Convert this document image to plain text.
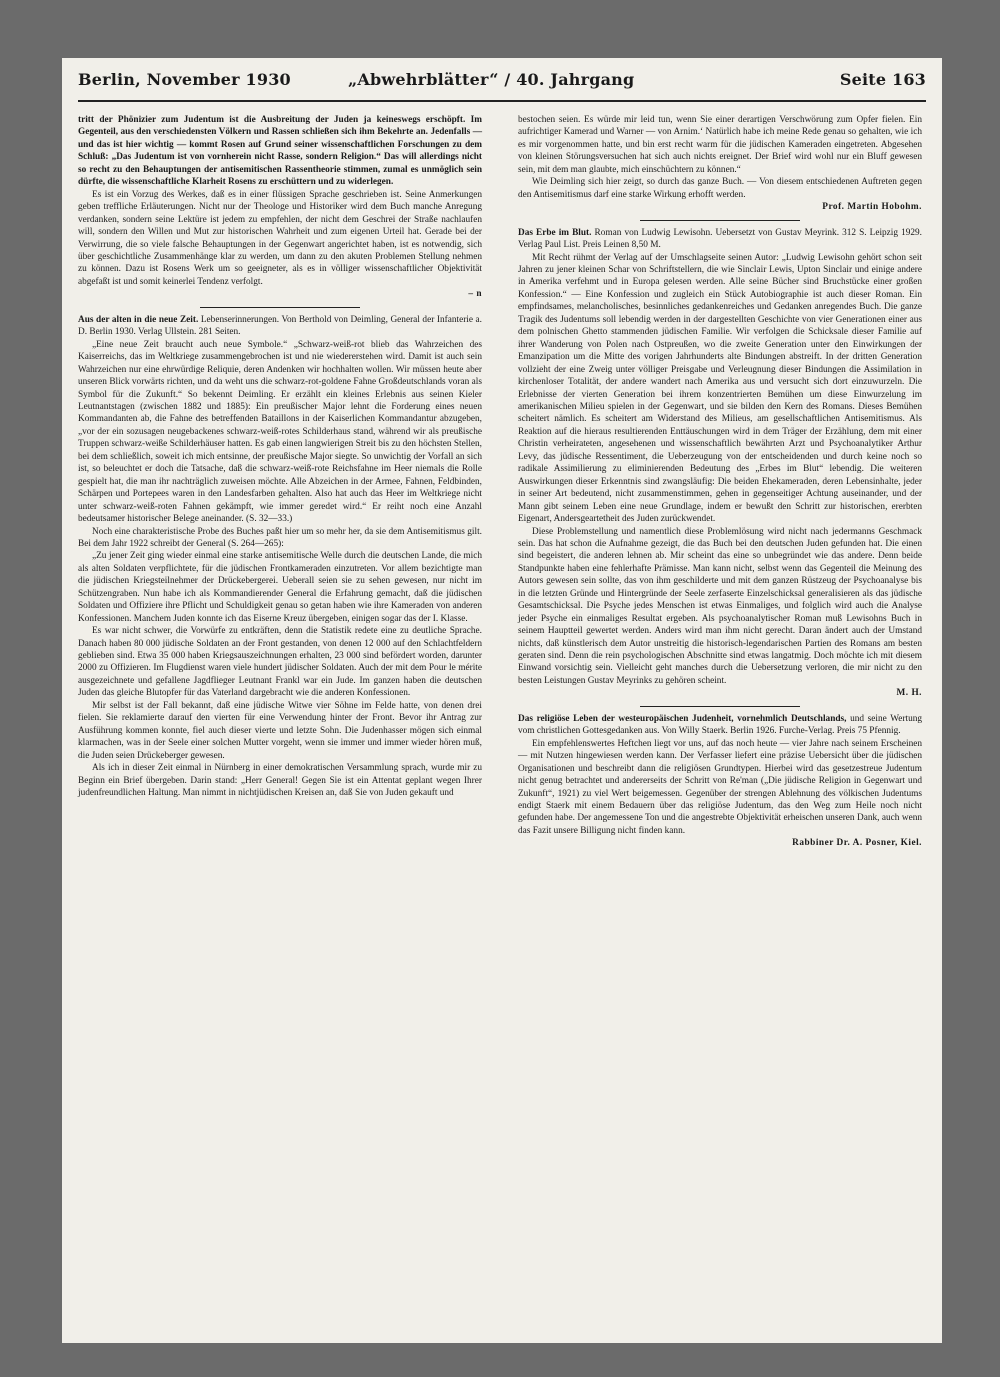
Berlin, November 1930	„Abwehrblätter“ / 40. Jahrgang	Seite 163

tritt der Phönizier zum Judentum ist die Ausbreitung der Juden ja keineswegs erschöpft. Im Gegenteil, aus den verschiedensten Völkern und Rassen schließen sich ihm Bekehrte an. Jedenfalls — und das ist hier wichtig — kommt Rosen auf Grund seiner wissenschaftlichen Forschungen zu dem Schluß: „Das Judentum ist von vornherein nicht Rasse, sondern Religion.“ Das will allerdings nicht so recht zu den Behauptungen der antisemitischen Rassentheorie stimmen, zumal es unmöglich sein dürfte, die wissenschaftliche Klarheit Rosens zu erschüttern und zu widerlegen.

Es ist ein Vorzug des Werkes, daß es in einer flüssigen Sprache geschrieben ist. Seine Anmerkungen geben treffliche Erläuterungen. Nicht nur der Theologe und Historiker wird dem Buch manche Anregung verdanken, sondern seine Lektüre ist jedem zu empfehlen, der nicht dem Geschrei der Straße nachlaufen will, sondern den Willen und Mut zur historischen Wahrheit und zum eigenen Urteil hat. Gerade bei der Verwirrung, die so viele falsche Behauptungen in der Gegenwart angerichtet haben, ist es notwendig, sich über geschichtliche Zusammenhänge klar zu werden, um dann zu den akuten Problemen Stellung nehmen zu können. Dazu ist Rosens Werk um so geeigneter, als es in völliger wissenschaftlicher Objektivität abgefaßt ist und somit keinerlei Tendenz verfolgt.

– n

Aus der alten in die neue Zeit. Lebenserinnerungen. Von Berthold von Deimling, General der Infanterie a. D. Berlin 1930. Verlag Ullstein. 281 Seiten.

„Eine neue Zeit braucht auch neue Symbole.“ „Schwarz-weiß-rot blieb das Wahrzeichen des Kaiserreichs, das im Weltkriege zusammengebrochen ist und nie wiedererstehen wird. Damit ist auch sein Wahrzeichen nur eine ehrwürdige Reliquie, deren Andenken wir hochhalten wollen. Wir müssen heute aber unseren Blick vorwärts richten, und da weht uns die schwarz-rot-goldene Fahne Großdeutschlands voran als Symbol für die Zukunft.“ So bekennt Deimling. Er erzählt ein kleines Erlebnis aus seinen Kieler Leutnantstagen (zwischen 1882 und 1885): Ein preußischer Major lehnt die Forderung eines neuen Kommandanten ab, die Fahne des betreffenden Bataillons in der Kaiserlichen Kommandantur abzugeben, „vor der ein sozusagen neugebackenes schwarz-weiß-rotes Schilderhaus stand, während wir als preußische Truppen schwarz-weiße Schilderhäuser hatten. Es gab einen langwierigen Streit bis zu den höchsten Stellen, bei dem schließlich, soweit ich mich entsinne, der preußische Major siegte. So unwichtig der Vorfall an sich ist, so beleuchtet er doch die Tatsache, daß die schwarz-weiß-rote Reichsfahne im Heer niemals die Rolle gespielt hat, die man ihr nachträglich zuweisen möchte. Alle Abzeichen in der Armee, Fahnen, Feldbinden, Schärpen und Portepees waren in den Landesfarben gehalten. Also hat auch das Heer im Weltkriege nicht unter schwarz-weiß-roten Fahnen gekämpft, wie immer geredet wird.“ Er reiht noch eine Anzahl bedeutsamer historischer Belege aneinander. (S. 32—33.)

Noch eine charakteristische Probe des Buches paßt hier um so mehr her, da sie dem Antisemitismus gilt. Bei dem Jahr 1922 schreibt der General (S. 264—265):

„Zu jener Zeit ging wieder einmal eine starke antisemitische Welle durch die deutschen Lande, die mich als alten Soldaten verpflichtete, für die jüdischen Frontkameraden einzutreten. Vor allem bezichtigte man die jüdischen Kriegsteilnehmer der Drückebergerei. Ueberall seien sie zu sehen gewesen, nur nicht im Schützengraben. Nun habe ich als Kommandierender General die Erfahrung gemacht, daß die jüdischen Soldaten und Offiziere ihre Pflicht und Schuldigkeit genau so getan haben wie ihre Kameraden von anderen Konfessionen. Manchem Juden konnte ich das Eiserne Kreuz übergeben, einigen sogar das der I. Klasse.

Es war nicht schwer, die Vorwürfe zu entkräften, denn die Statistik redete eine zu deutliche Sprache. Danach haben 80 000 jüdische Soldaten an der Front gestanden, von denen 12 000 auf den Schlachtfeldern geblieben sind. Etwa 35 000 haben Kriegsauszeichnungen erhalten, 23 000 sind befördert worden, darunter 2000 zu Offizieren. Im Flugdienst waren viele hundert jüdischer Soldaten. Auch der mit dem Pour le mérite ausgezeichnete und gefallene Jagdflieger Leutnant Frankl war ein Jude. Im ganzen haben die deutschen Juden das gleiche Blutopfer für das Vaterland dargebracht wie die anderen Konfessionen.

Mir selbst ist der Fall bekannt, daß eine jüdische Witwe vier Söhne im Felde hatte, von denen drei fielen. Sie reklamierte darauf den vierten für eine Verwendung hinter der Front. Bevor ihr Antrag zur Ausführung kommen konnte, fiel auch dieser vierte und letzte Sohn. Die Judenhasser mögen sich einmal klarmachen, was in der Seele einer solchen Mutter vorgeht, wenn sie immer und immer wieder hören muß, die Juden seien Drückeberger gewesen.

Als ich in dieser Zeit einmal in Nürnberg in einer demokratischen Versammlung sprach, wurde mir zu Beginn ein Brief übergeben. Darin stand: „Herr General! Gegen Sie ist ein Attentat geplant wegen Ihrer judenfreundlichen Haltung. Man nimmt in nichtjüdischen Kreisen an, daß Sie von Juden gekauft und

bestochen seien. Es würde mir leid tun, wenn Sie einer derartigen Verschwörung zum Opfer fielen. Ein aufrichtiger Kamerad und Warner — von Arnim.‘ Natürlich habe ich meine Rede genau so gehalten, wie ich es mir vorgenommen hatte, und bin erst recht warm für die jüdischen Kameraden eingetreten. Abgesehen von kleinen Störungsversuchen hat sich auch nichts ereignet. Der Brief wird wohl nur ein Bluff gewesen sein, mit dem man glaubte, mich einschüchtern zu können.“

Wie Deimling sich hier zeigt, so durch das ganze Buch. — Von diesem entschiedenen Auftreten gegen den Antisemitismus darf eine starke Wirkung erhofft werden.

Prof. Martin Hobohm.

Das Erbe im Blut. Roman von Ludwig Lewisohn. Uebersetzt von Gustav Meyrink. 312 S. Leipzig 1929. Verlag Paul List. Preis Leinen 8,50 M.

Mit Recht rühmt der Verlag auf der Umschlagseite seinen Autor: „Ludwig Lewisohn gehört schon seit Jahren zu jener kleinen Schar von Schriftstellern, die wie Sinclair Lewis, Upton Sinclair und einige andere in Amerika verfehmt und in Europa gelesen werden. Alle seine Bücher sind Bruchstücke einer großen Konfession.“ — Eine Konfession und zugleich ein Stück Autobiographie ist auch dieser Roman. Ein empfindsames, melancholisches, besinnliches gedankenreiches und Gedanken anregendes Buch. Die ganze Tragik des Judentums soll lebendig werden in der dargestellten Geschichte von vier Generationen einer aus dem polnischen Ghetto stammenden jüdischen Familie. Wir verfolgen die Schicksale dieser Familie auf ihrer Wanderung von Polen nach Ostpreußen, wo die zweite Generation unter den Einwirkungen der Emanzipation um die Mitte des vorigen Jahrhunderts alte Bindungen abstreift. In der dritten Generation vollzieht der eine Zweig unter völliger Preisgabe und Verleugnung dieser Bindungen die Assimilation in kirchenloser Totalität, der andere wandert nach Amerika aus und versucht sich dort einzuwurzeln. Die Erlebnisse der vierten Generation bei ihrem konzentrierten Bemühen um diese Einwurzelung im amerikanischen Milieu spielen in der Gegenwart, und sie bilden den Kern des Romans. Dieses Bemühen scheitert nämlich. Es scheitert am Widerstand des Milieus, am gesellschaftlichen Antisemitismus. Als Reaktion auf die hieraus resultierenden Enttäuschungen wird in dem Träger der Erzählung, dem mit einer Christin verheirateten, angesehenen und wissenschaftlich bewährten Arzt und Psychoanalytiker Arthur Levy, das jüdische Ressentiment, die Ueberzeugung von der entscheidenden und durch keine noch so radikale Assimilierung zu eliminierenden Bedeutung des „Erbes im Blut“ lebendig. Die weiteren Auswirkungen dieser Erkenntnis sind zwangsläufig: Die beiden Ehekameraden, deren Lebensinhalte, jeder in seiner Art bedeutend, nicht zusammenstimmen, gehen in gegenseitiger Achtung auseinander, und der Mann gibt seinem Leben eine neue Grundlage, indem er bewußt den Schritt zur historischen, ererbten Eigenart, Andersgeartetheit des Juden zurückwendet.

Diese Problemstellung und namentlich diese Problemlösung wird nicht nach jedermanns Geschmack sein. Das hat schon die Aufnahme gezeigt, die das Buch bei den deutschen Juden gefunden hat. Die einen sind begeistert, die anderen lehnen ab. Mir scheint das eine so unbegründet wie das andere. Denn beide Standpunkte haben eine fehlerhafte Prämisse. Man kann nicht, selbst wenn das Gegenteil die Meinung des Autors gewesen sein sollte, das von ihm geschilderte und mit dem ganzen Rüstzeug der Psychoanalyse bis in die letzten Gründe und Hintergründe der Seele zerfaserte Einzelschicksal generalisieren als das jüdische Gesamtschicksal. Die Psyche jedes Menschen ist etwas Einmaliges, und folglich wird auch die Analyse jeder Psyche ein einmaliges Resultat ergeben. Als psychoanalytischer Roman muß Lewisohns Buch in seinem Hauptteil gewertet werden. Anders wird man ihm nicht gerecht. Daran ändert auch der Umstand nichts, daß künstlerisch dem Autor unstreitig die historisch-legendarischen Partien des Romans am besten geraten sind. Denn die rein psychologischen Abschnitte sind etwas langatmig. Doch möchte ich mit diesem Einwand vorsichtig sein. Vielleicht geht manches durch die Uebersetzung verloren, die mir nicht zu den besten Leistungen Gustav Meyrinks zu gehören scheint.

M. H.

Das religiöse Leben der westeuropäischen Judenheit, vornehmlich Deutschlands, und seine Wertung vom christlichen Gottesgedanken aus. Von Willy Staerk. Berlin 1926. Furche-Verlag. Preis 75 Pfennig.

Ein empfehlenswertes Heftchen liegt vor uns, auf das noch heute — vier Jahre nach seinem Erscheinen — mit Nutzen hingewiesen werden kann. Der Verfasser liefert eine präzise Uebersicht über die jüdischen Organisationen und beschreibt dann die religiösen Grundtypen. Hierbei wird das gesetzestreue Judentum nicht genug betrachtet und andererseits der Schritt von Re'man („Die jüdische Religion in Gegenwart und Zukunft“, 1921) zu viel Wert beigemessen. Gegenüber der strengen Ablehnung des völkischen Judentums endigt Staerk mit einem Bedauern über das religiöse Judentum, das den Weg zum Heile noch nicht gefunden habe. Der angemessene Ton und die angestrebte Objektivität erheischen unseren Dank, auch wenn das Fazit unsere Billigung nicht finden kann.

Rabbiner Dr. A. Posner, Kiel.
